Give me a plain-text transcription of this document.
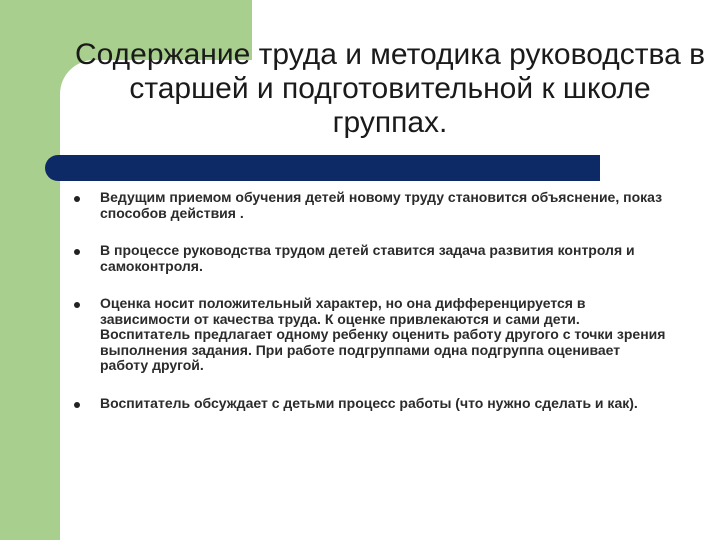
Содержание труда и методика руководства в старшей и подготовительной к школе группах.
Ведущим приемом обучения детей новому труду становится объяснение, показ способов действия .
В процессе руководства трудом детей ставится задача развития контроля и самоконтроля.
Оценка носит положительный характер, но она дифференцируется в зависимости от качества труда. К оценке привлекаются и сами дети. Воспитатель предлагает одному ребенку оценить работу другого с точки зрения выполнения задания. При работе подгруппами одна подгруппа оценивает работу другой.
Воспитатель обсуждает с детьми процесс работы (что нужно сделать и как).
